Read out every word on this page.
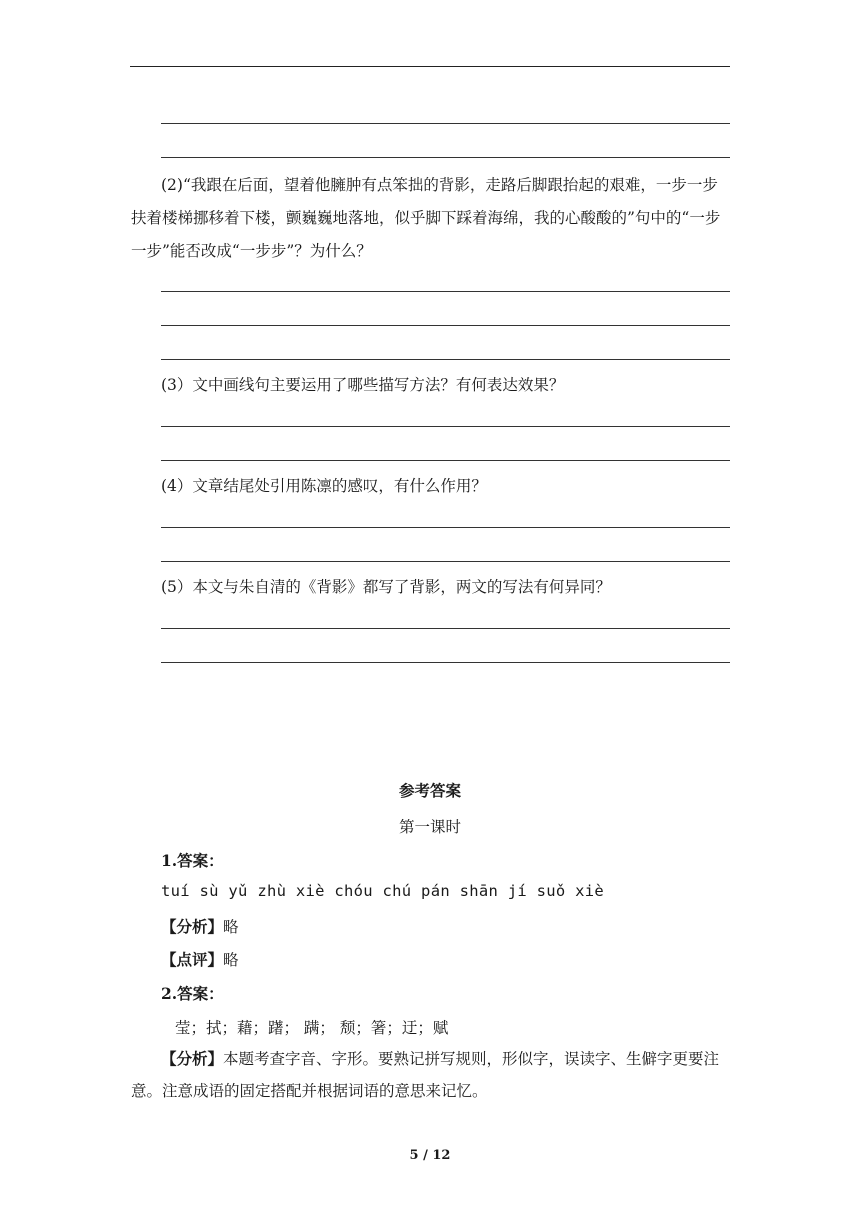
(2)“我跟在后面，望着他臃肿有点笨拙的背影，走路后脚跟抬起的艰难，一步一步扶着楼梯挪移着下楼，颤巍巍地落地，似乎脚下踩着海绵，我的心酸酸的”句中的“一步一步”能否改成“一步步”？为什么？
(3）文中画线句主要运用了哪些描写方法？有何表达效果？
(4）文章结尾处引用陈凛的感叹，有什么作用？
(5）本文与朱自清的《背影》都写了背影，两文的写法有何异同？
参考答案
第一课时
1.答案：
tuí sù yǔ zhù xiè chóu chú pán shān jí suǒ xiè
【分析】略
【点评】略
2.答案：
莹；拭；藉；躇； 蹒； 颓；箸；迂；赋
【分析】本题考查字音、字形。要熟记拼写规则，形似字，误读字、生僻字更要注意。注意成语的固定搭配并根据词语的意思来记忆。
5 / 12
